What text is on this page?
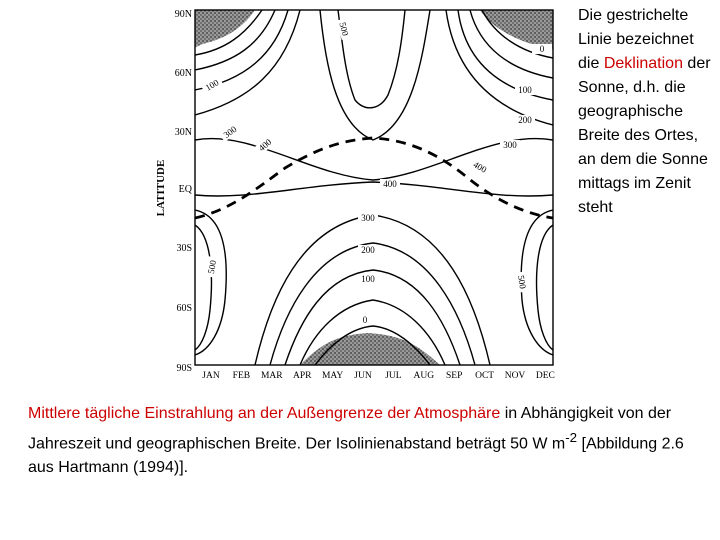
LATITUDE
90N
60N
30N
EQ
30S
60S
90S
JAN FEB MAR APR MAY JUN JUL AUG SEP OCT NOV DEC
500
0
100	100
200
300
300
400
400
400
300
200
100
0
500
500
Die gestrichelte Linie bezeichnet die Deklination der Sonne, d.h. die geographische Breite des Ortes, an dem die Sonne mittags im Zenit steht
Mittlere tägliche Einstrahlung an der Außengrenze der Atmosphäre in Abhängigkeit von der Jahreszeit und geographischen Breite. Der Isolinienabstand beträgt 50 W $m^{-2}$ [Abbildung 2.6 aus Hartmann (1994)].
